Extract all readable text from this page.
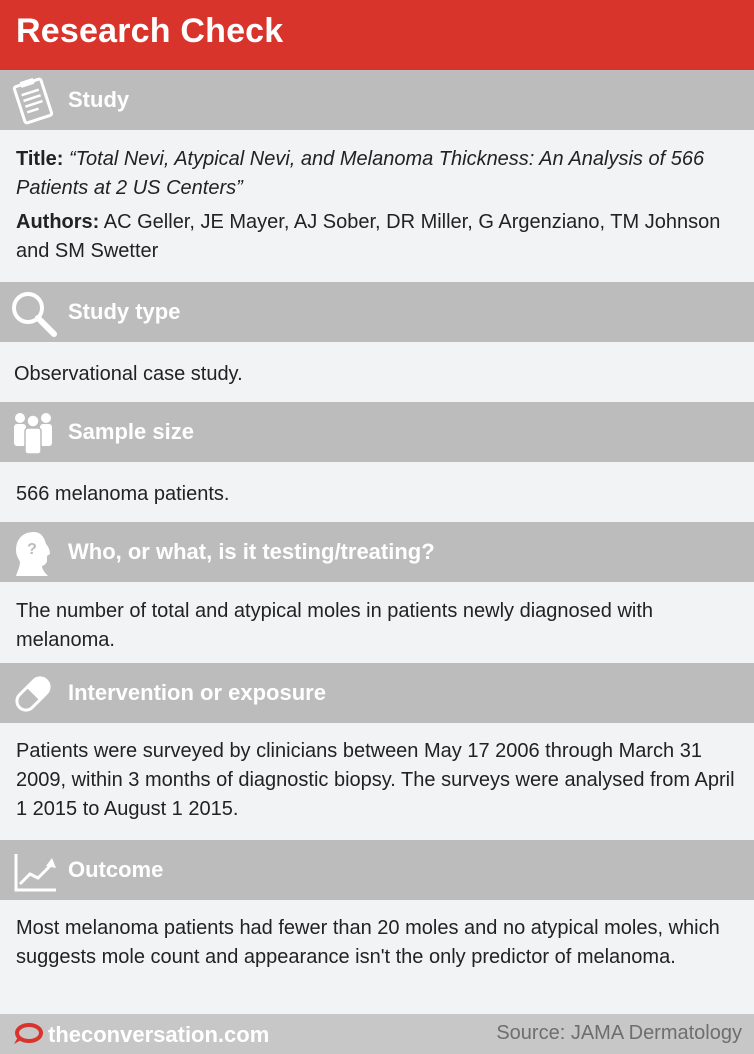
Research Check
Study
Title: “Total Nevi, Atypical Nevi, and Melanoma Thickness: An Analysis of 566 Patients at 2 US Centers”
Authors: AC Geller, JE Mayer, AJ Sober, DR Miller, G Argenziano, TM Johnson and SM Swetter
Study type
Observational case study.
Sample size
566 melanoma patients.
? Who, or what, is it testing/treating?
The number of total and atypical moles in patients newly diagnosed with melanoma.
Intervention or exposure
Patients were surveyed by clinicians between May 17 2006 through March 31 2009, within 3 months of diagnostic biopsy. The surveys were analysed from April 1 2015 to August 1 2015.
Outcome
Most melanoma patients had fewer than 20 moles and no atypical moles, which suggests mole count and appearance isn't the only predictor of melanoma.
theconversation.com	Source: JAMA Dermatology
